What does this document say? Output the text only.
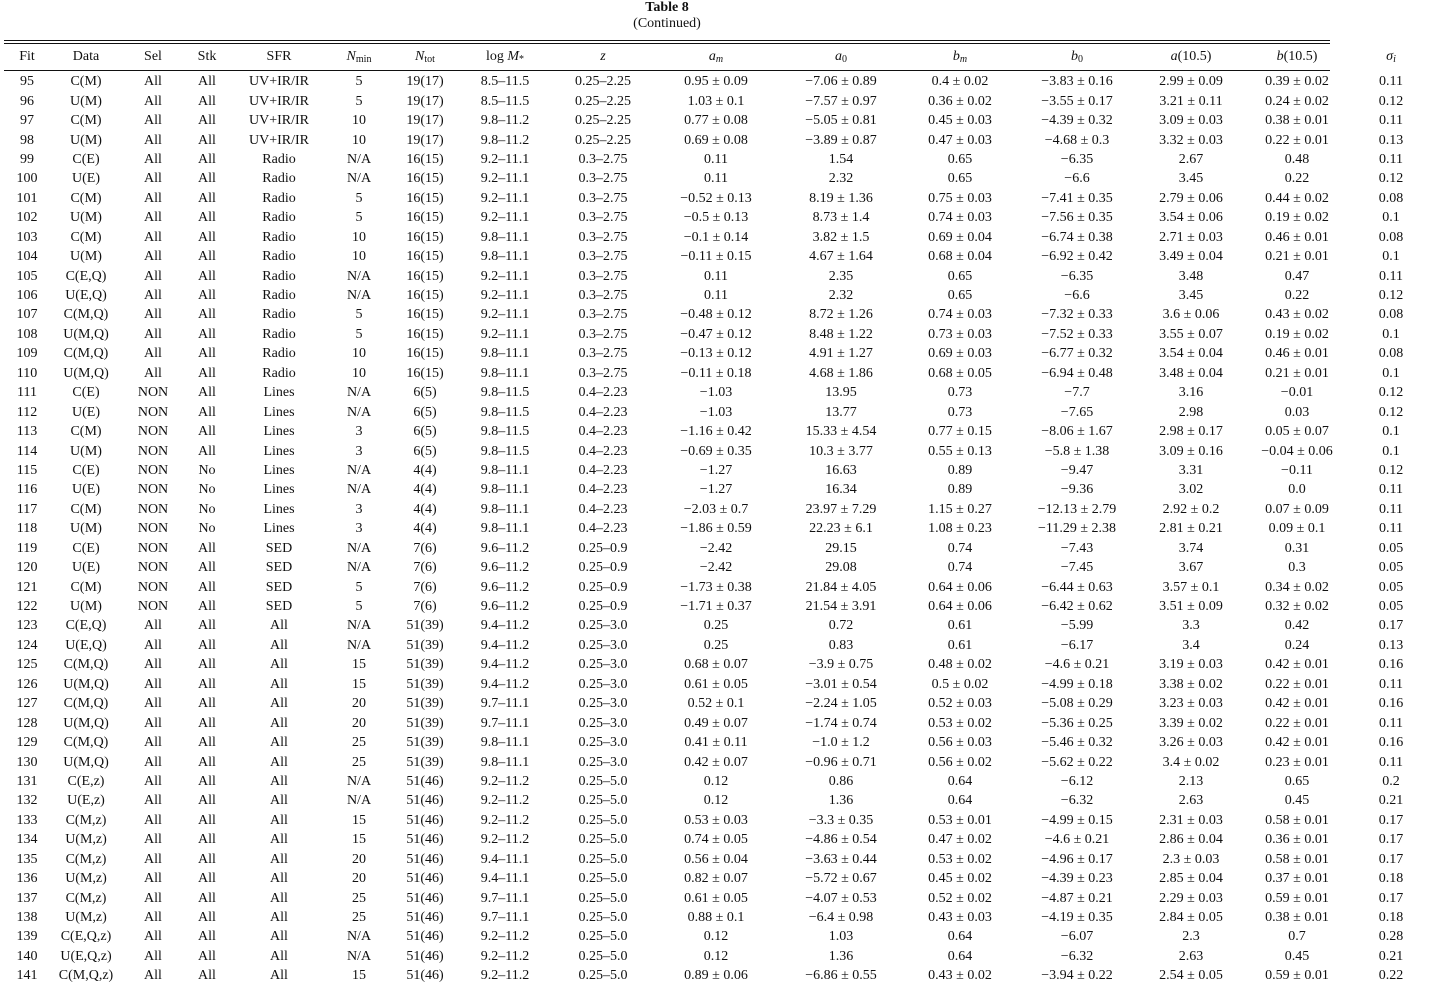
Table 8
(Continued)
Fit	Data	Sel	Stk	SFR	$N_{min}$	$N_{tot}$	$\log M_*$	z	$a_m$	$a_0$	$b_m$	$b_0$	a(10.5)	b(10.5)	$\sigma_i$
95	C(M)	All	All	UV+IR/IR	5	19(17)	8.5–11.5	0.25–2.25	0.95 ± 0.09	−7.06 ± 0.89	0.4 ± 0.02	−3.83 ± 0.16	2.99 ± 0.09	0.39 ± 0.02	0.11
96	U(M)	All	All	UV+IR/IR	5	19(17)	8.5–11.5	0.25–2.25	1.03 ± 0.1	−7.57 ± 0.97	0.36 ± 0.02	−3.55 ± 0.17	3.21 ± 0.11	0.24 ± 0.02	0.12
97	C(M)	All	All	UV+IR/IR	10	19(17)	9.8–11.2	0.25–2.25	0.77 ± 0.08	−5.05 ± 0.81	0.45 ± 0.03	−4.39 ± 0.32	3.09 ± 0.03	0.38 ± 0.01	0.11
98	U(M)	All	All	UV+IR/IR	10	19(17)	9.8–11.2	0.25–2.25	0.69 ± 0.08	−3.89 ± 0.87	0.47 ± 0.03	−4.68 ± 0.3	3.32 ± 0.03	0.22 ± 0.01	0.13
99	C(E)	All	All	Radio	N/A	16(15)	9.2–11.1	0.3–2.75	0.11	1.54	0.65	−6.35	2.67	0.48	0.11
100	U(E)	All	All	Radio	N/A	16(15)	9.2–11.1	0.3–2.75	0.11	2.32	0.65	−6.6	3.45	0.22	0.12
101	C(M)	All	All	Radio	5	16(15)	9.2–11.1	0.3–2.75	−0.52 ± 0.13	8.19 ± 1.36	0.75 ± 0.03	−7.41 ± 0.35	2.79 ± 0.06	0.44 ± 0.02	0.08
102	U(M)	All	All	Radio	5	16(15)	9.2–11.1	0.3–2.75	−0.5 ± 0.13	8.73 ± 1.4	0.74 ± 0.03	−7.56 ± 0.35	3.54 ± 0.06	0.19 ± 0.02	0.1
103	C(M)	All	All	Radio	10	16(15)	9.8–11.1	0.3–2.75	−0.1 ± 0.14	3.82 ± 1.5	0.69 ± 0.04	−6.74 ± 0.38	2.71 ± 0.03	0.46 ± 0.01	0.08
104	U(M)	All	All	Radio	10	16(15)	9.8–11.1	0.3–2.75	−0.11 ± 0.15	4.67 ± 1.64	0.68 ± 0.04	−6.92 ± 0.42	3.49 ± 0.04	0.21 ± 0.01	0.1
105	C(E,Q)	All	All	Radio	N/A	16(15)	9.2–11.1	0.3–2.75	0.11	2.35	0.65	−6.35	3.48	0.47	0.11
106	U(E,Q)	All	All	Radio	N/A	16(15)	9.2–11.1	0.3–2.75	0.11	2.32	0.65	−6.6	3.45	0.22	0.12
107	C(M,Q)	All	All	Radio	5	16(15)	9.2–11.1	0.3–2.75	−0.48 ± 0.12	8.72 ± 1.26	0.74 ± 0.03	−7.32 ± 0.33	3.6 ± 0.06	0.43 ± 0.02	0.08
108	U(M,Q)	All	All	Radio	5	16(15)	9.2–11.1	0.3–2.75	−0.47 ± 0.12	8.48 ± 1.22	0.73 ± 0.03	−7.52 ± 0.33	3.55 ± 0.07	0.19 ± 0.02	0.1
109	C(M,Q)	All	All	Radio	10	16(15)	9.8–11.1	0.3–2.75	−0.13 ± 0.12	4.91 ± 1.27	0.69 ± 0.03	−6.77 ± 0.32	3.54 ± 0.04	0.46 ± 0.01	0.08
110	U(M,Q)	All	All	Radio	10	16(15)	9.8–11.1	0.3–2.75	−0.11 ± 0.18	4.68 ± 1.86	0.68 ± 0.05	−6.94 ± 0.48	3.48 ± 0.04	0.21 ± 0.01	0.1
111	C(E)	NON	All	Lines	N/A	6(5)	9.8–11.5	0.4–2.23	−1.03	13.95	0.73	−7.7	3.16	−0.01	0.12
112	U(E)	NON	All	Lines	N/A	6(5)	9.8–11.5	0.4–2.23	−1.03	13.77	0.73	−7.65	2.98	0.03	0.12
113	C(M)	NON	All	Lines	3	6(5)	9.8–11.5	0.4–2.23	−1.16 ± 0.42	15.33 ± 4.54	0.77 ± 0.15	−8.06 ± 1.67	2.98 ± 0.17	0.05 ± 0.07	0.1
114	U(M)	NON	All	Lines	3	6(5)	9.8–11.5	0.4–2.23	−0.69 ± 0.35	10.3 ± 3.77	0.55 ± 0.13	−5.8 ± 1.38	3.09 ± 0.16	−0.04 ± 0.06	0.1
115	C(E)	NON	No	Lines	N/A	4(4)	9.8–11.1	0.4–2.23	−1.27	16.63	0.89	−9.47	3.31	−0.11	0.12
116	U(E)	NON	No	Lines	N/A	4(4)	9.8–11.1	0.4–2.23	−1.27	16.34	0.89	−9.36	3.02	0.0	0.11
117	C(M)	NON	No	Lines	3	4(4)	9.8–11.1	0.4–2.23	−2.03 ± 0.7	23.97 ± 7.29	1.15 ± 0.27	−12.13 ± 2.79	2.92 ± 0.2	0.07 ± 0.09	0.11
118	U(M)	NON	No	Lines	3	4(4)	9.8–11.1	0.4–2.23	−1.86 ± 0.59	22.23 ± 6.1	1.08 ± 0.23	−11.29 ± 2.38	2.81 ± 0.21	0.09 ± 0.1	0.11
119	C(E)	NON	All	SED	N/A	7(6)	9.6–11.2	0.25–0.9	−2.42	29.15	0.74	−7.43	3.74	0.31	0.05
120	U(E)	NON	All	SED	N/A	7(6)	9.6–11.2	0.25–0.9	−2.42	29.08	0.74	−7.45	3.67	0.3	0.05
121	C(M)	NON	All	SED	5	7(6)	9.6–11.2	0.25–0.9	−1.73 ± 0.38	21.84 ± 4.05	0.64 ± 0.06	−6.44 ± 0.63	3.57 ± 0.1	0.34 ± 0.02	0.05
122	U(M)	NON	All	SED	5	7(6)	9.6–11.2	0.25–0.9	−1.71 ± 0.37	21.54 ± 3.91	0.64 ± 0.06	−6.42 ± 0.62	3.51 ± 0.09	0.32 ± 0.02	0.05
123	C(E,Q)	All	All	All	N/A	51(39)	9.4–11.2	0.25–3.0	0.25	0.72	0.61	−5.99	3.3	0.42	0.17
124	U(E,Q)	All	All	All	N/A	51(39)	9.4–11.2	0.25–3.0	0.25	0.83	0.61	−6.17	3.4	0.24	0.13
125	C(M,Q)	All	All	All	15	51(39)	9.4–11.2	0.25–3.0	0.68 ± 0.07	−3.9 ± 0.75	0.48 ± 0.02	−4.6 ± 0.21	3.19 ± 0.03	0.42 ± 0.01	0.16
126	U(M,Q)	All	All	All	15	51(39)	9.4–11.2	0.25–3.0	0.61 ± 0.05	−3.01 ± 0.54	0.5 ± 0.02	−4.99 ± 0.18	3.38 ± 0.02	0.22 ± 0.01	0.11
127	C(M,Q)	All	All	All	20	51(39)	9.7–11.1	0.25–3.0	0.52 ± 0.1	−2.24 ± 1.05	0.52 ± 0.03	−5.08 ± 0.29	3.23 ± 0.03	0.42 ± 0.01	0.16
128	U(M,Q)	All	All	All	20	51(39)	9.7–11.1	0.25–3.0	0.49 ± 0.07	−1.74 ± 0.74	0.53 ± 0.02	−5.36 ± 0.25	3.39 ± 0.02	0.22 ± 0.01	0.11
129	C(M,Q)	All	All	All	25	51(39)	9.8–11.1	0.25–3.0	0.41 ± 0.11	−1.0 ± 1.2	0.56 ± 0.03	−5.46 ± 0.32	3.26 ± 0.03	0.42 ± 0.01	0.16
130	U(M,Q)	All	All	All	25	51(39)	9.8–11.1	0.25–3.0	0.42 ± 0.07	−0.96 ± 0.71	0.56 ± 0.02	−5.62 ± 0.22	3.4 ± 0.02	0.23 ± 0.01	0.11
131	C(E,z)	All	All	All	N/A	51(46)	9.2–11.2	0.25–5.0	0.12	0.86	0.64	−6.12	2.13	0.65	0.2
132	U(E,z)	All	All	All	N/A	51(46)	9.2–11.2	0.25–5.0	0.12	1.36	0.64	−6.32	2.63	0.45	0.21
133	C(M,z)	All	All	All	15	51(46)	9.2–11.2	0.25–5.0	0.53 ± 0.03	−3.3 ± 0.35	0.53 ± 0.01	−4.99 ± 0.15	2.31 ± 0.03	0.58 ± 0.01	0.17
134	U(M,z)	All	All	All	15	51(46)	9.2–11.2	0.25–5.0	0.74 ± 0.05	−4.86 ± 0.54	0.47 ± 0.02	−4.6 ± 0.21	2.86 ± 0.04	0.36 ± 0.01	0.17
135	C(M,z)	All	All	All	20	51(46)	9.4–11.1	0.25–5.0	0.56 ± 0.04	−3.63 ± 0.44	0.53 ± 0.02	−4.96 ± 0.17	2.3 ± 0.03	0.58 ± 0.01	0.17
136	U(M,z)	All	All	All	20	51(46)	9.4–11.1	0.25–5.0	0.82 ± 0.07	−5.72 ± 0.67	0.45 ± 0.02	−4.39 ± 0.23	2.85 ± 0.04	0.37 ± 0.01	0.18
137	C(M,z)	All	All	All	25	51(46)	9.7–11.1	0.25–5.0	0.61 ± 0.05	−4.07 ± 0.53	0.52 ± 0.02	−4.87 ± 0.21	2.29 ± 0.03	0.59 ± 0.01	0.17
138	U(M,z)	All	All	All	25	51(46)	9.7–11.1	0.25–5.0	0.88 ± 0.1	−6.4 ± 0.98	0.43 ± 0.03	−4.19 ± 0.35	2.84 ± 0.05	0.38 ± 0.01	0.18
139	C(E,Q,z)	All	All	All	N/A	51(46)	9.2–11.2	0.25–5.0	0.12	1.03	0.64	−6.07	2.3	0.7	0.28
140	U(E,Q,z)	All	All	All	N/A	51(46)	9.2–11.2	0.25–5.0	0.12	1.36	0.64	−6.32	2.63	0.45	0.21
141	C(M,Q,z)	All	All	All	15	51(46)	9.2–11.2	0.25–5.0	0.89 ± 0.06	−6.86 ± 0.55	0.43 ± 0.02	−3.94 ± 0.22	2.54 ± 0.05	0.59 ± 0.01	0.22
